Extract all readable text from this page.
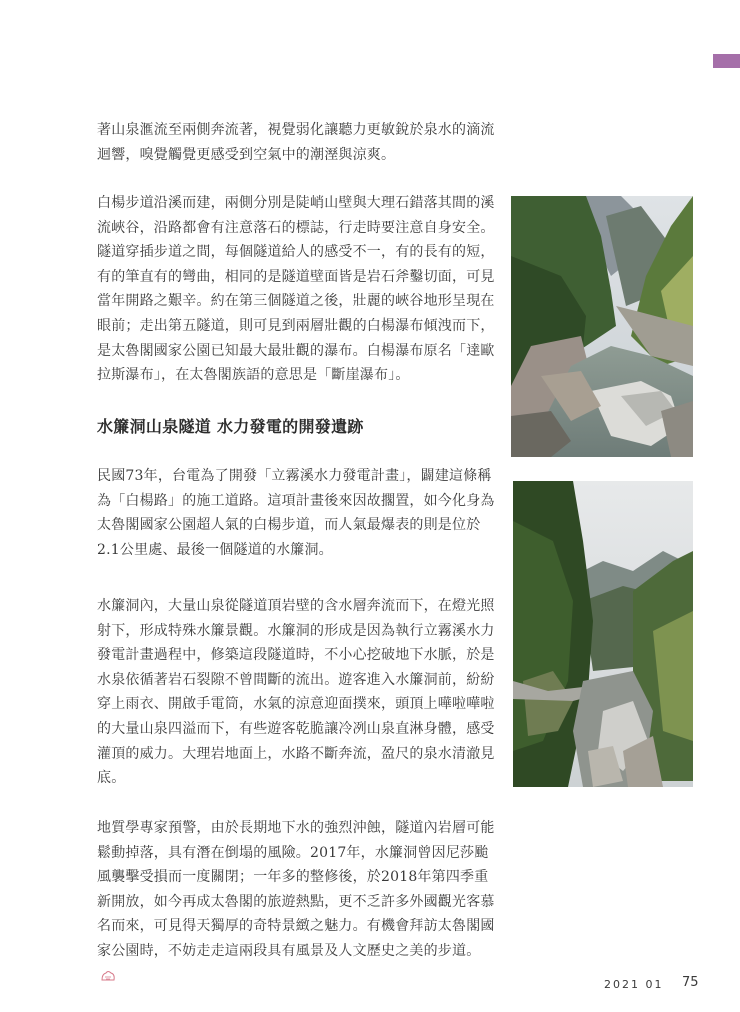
著山泉滙流至兩側奔流著，視覺弱化讓聽力更敏銳於泉水的滴流迴響，嗅覺觸覺更感受到空氣中的潮溼與涼爽。

白楊步道沿溪而建，兩側分別是陡峭山壁與大理石錯落其間的溪流峽谷，沿路都會有注意落石的標誌，行走時要注意自身安全。隧道穿插步道之間，每個隧道給人的感受不一，有的長有的短，有的筆直有的彎曲，相同的是隧道壁面皆是岩石斧鑿切面，可見當年開路之艱辛。約在第三個隧道之後，壯麗的峽谷地形呈現在眼前；走出第五隧道，則可見到兩層壯觀的白楊瀑布傾洩而下，是太魯閣國家公園已知最大最壯觀的瀑布。白楊瀑布原名「達歐拉斯瀑布」，在太魯閣族語的意思是「斷崖瀑布」。

水簾洞山泉隧道 水力發電的開發遺跡

民國73年，台電為了開發「立霧溪水力發電計畫」，闢建這條稱為「白楊路」的施工道路。這項計畫後來因故擱置，如今化身為太魯閣國家公園超人氣的白楊步道，而人氣最爆表的則是位於2.1公里處、最後一個隧道的水簾洞。

水簾洞內，大量山泉從隧道頂岩壁的含水層奔流而下，在燈光照射下，形成特殊水簾景觀。水簾洞的形成是因為執行立霧溪水力發電計畫過程中，修築這段隧道時，不小心挖破地下水脈，於是水泉依循著岩石裂隙不曾間斷的流出。遊客進入水簾洞前，紛紛穿上雨衣、開啟手電筒，水氣的涼意迎面撲來，頭頂上嘩啦嘩啦的大量山泉四溢而下，有些遊客乾脆讓冷冽山泉直淋身體，感受灌頂的威力。大理岩地面上，水路不斷奔流，盈尺的泉水清澈見底。

地質學專家預警，由於長期地下水的強烈沖蝕，隧道內岩層可能鬆動掉落，具有潛在倒塌的風險。2017年，水簾洞曾因尼莎颱風襲擊受損而一度關閉；一年多的整修後，於2018年第四季重新開放，如今再成太魯閣的旅遊熱點，更不乏許多外國觀光客慕名而來，可見得天獨厚的奇特景緻之魅力。有機會拜訪太魯閣國家公園時，不妨走走這兩段具有風景及人文歷史之美的步道。

2021 01 75
